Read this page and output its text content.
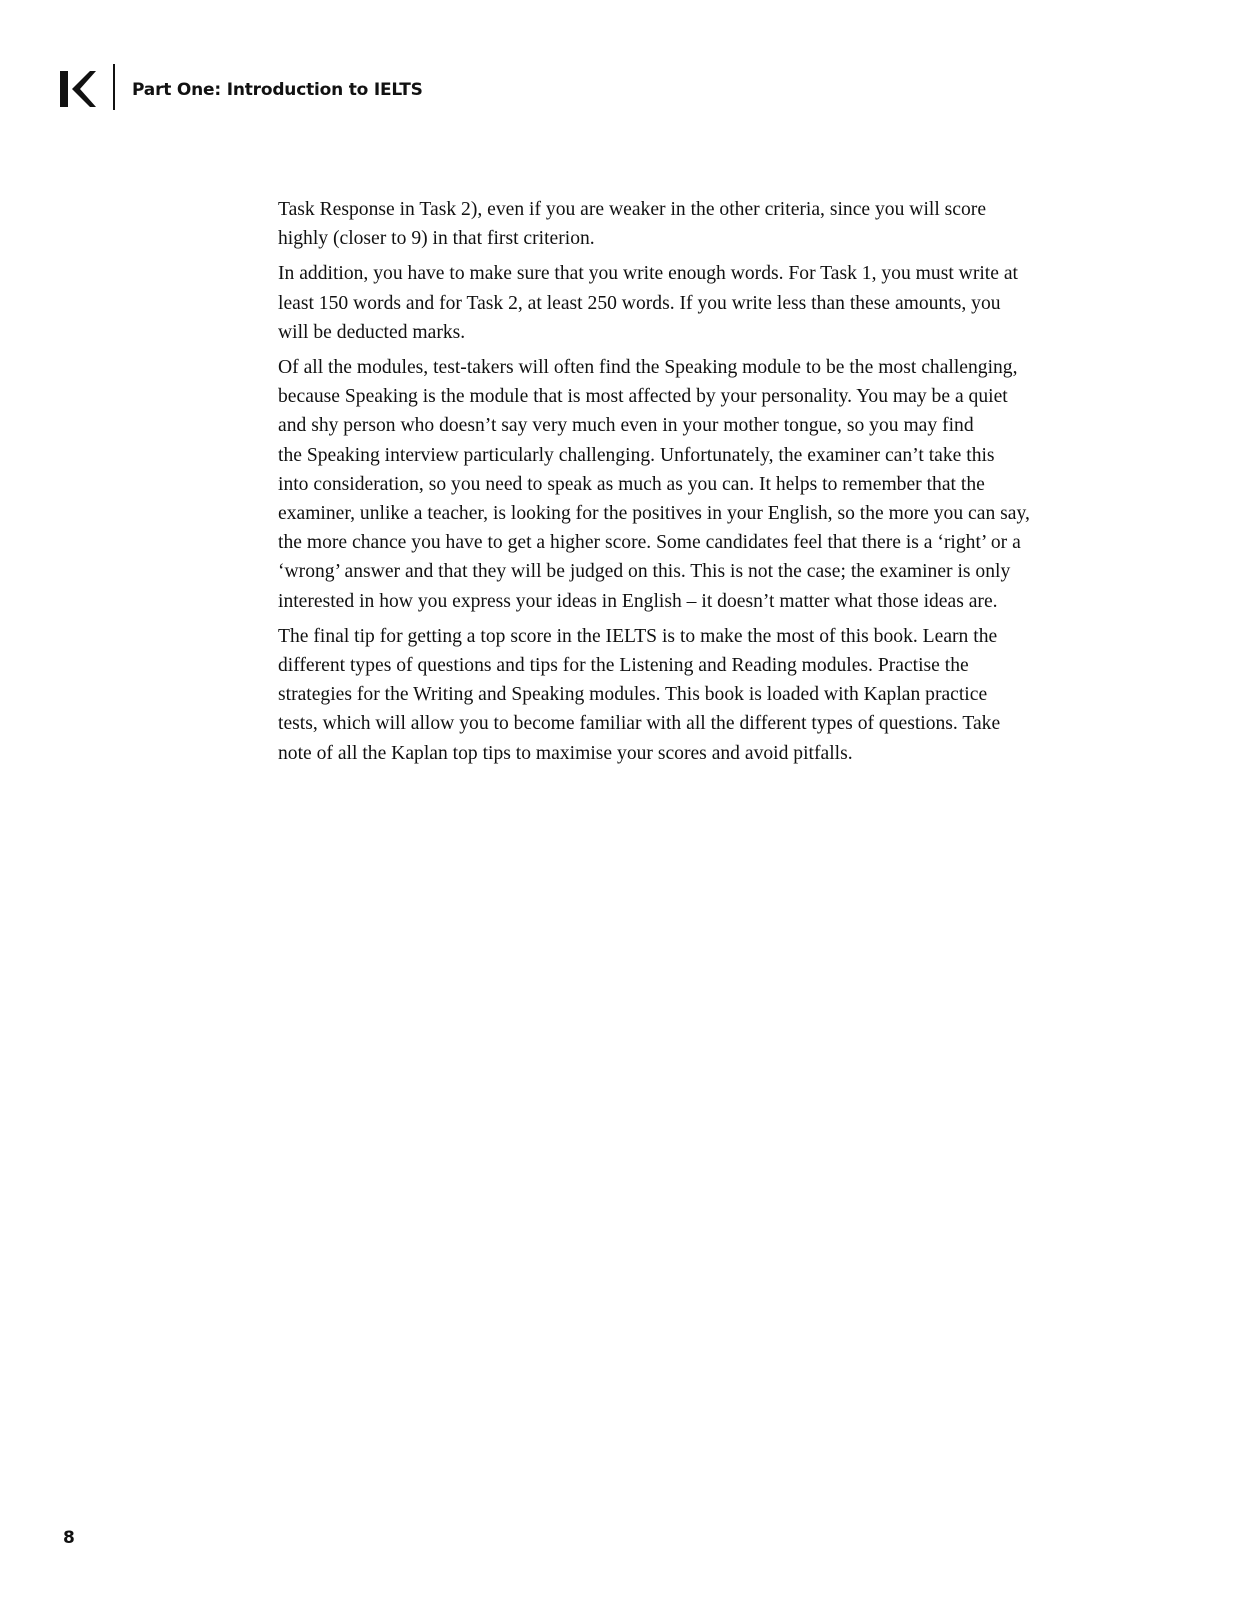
Part One: Introduction to IELTS

Task Response in Task 2), even if you are weaker in the other criteria, since you will score
highly (closer to 9) in that first criterion.

In addition, you have to make sure that you write enough words. For Task 1, you must write at
least 150 words and for Task 2, at least 250 words. If you write less than these amounts, you
will be deducted marks.

Of all the modules, test-takers will often find the Speaking module to be the most challenging,
because Speaking is the module that is most affected by your personality. You may be a quiet
and shy person who doesn’t say very much even in your mother tongue, so you may find
the Speaking interview particularly challenging. Unfortunately, the examiner can’t take this
into consideration, so you need to speak as much as you can. It helps to remember that the
examiner, unlike a teacher, is looking for the positives in your English, so the more you can say,
the more chance you have to get a higher score. Some candidates feel that there is a ‘right’ or a
‘wrong’ answer and that they will be judged on this. This is not the case; the examiner is only
interested in how you express your ideas in English – it doesn’t matter what those ideas are.

The final tip for getting a top score in the IELTS is to make the most of this book. Learn the
different types of questions and tips for the Listening and Reading modules. Practise the
strategies for the Writing and Speaking modules. This book is loaded with Kaplan practice
tests, which will allow you to become familiar with all the different types of questions. Take
note of all the Kaplan top tips to maximise your scores and avoid pitfalls.

8
